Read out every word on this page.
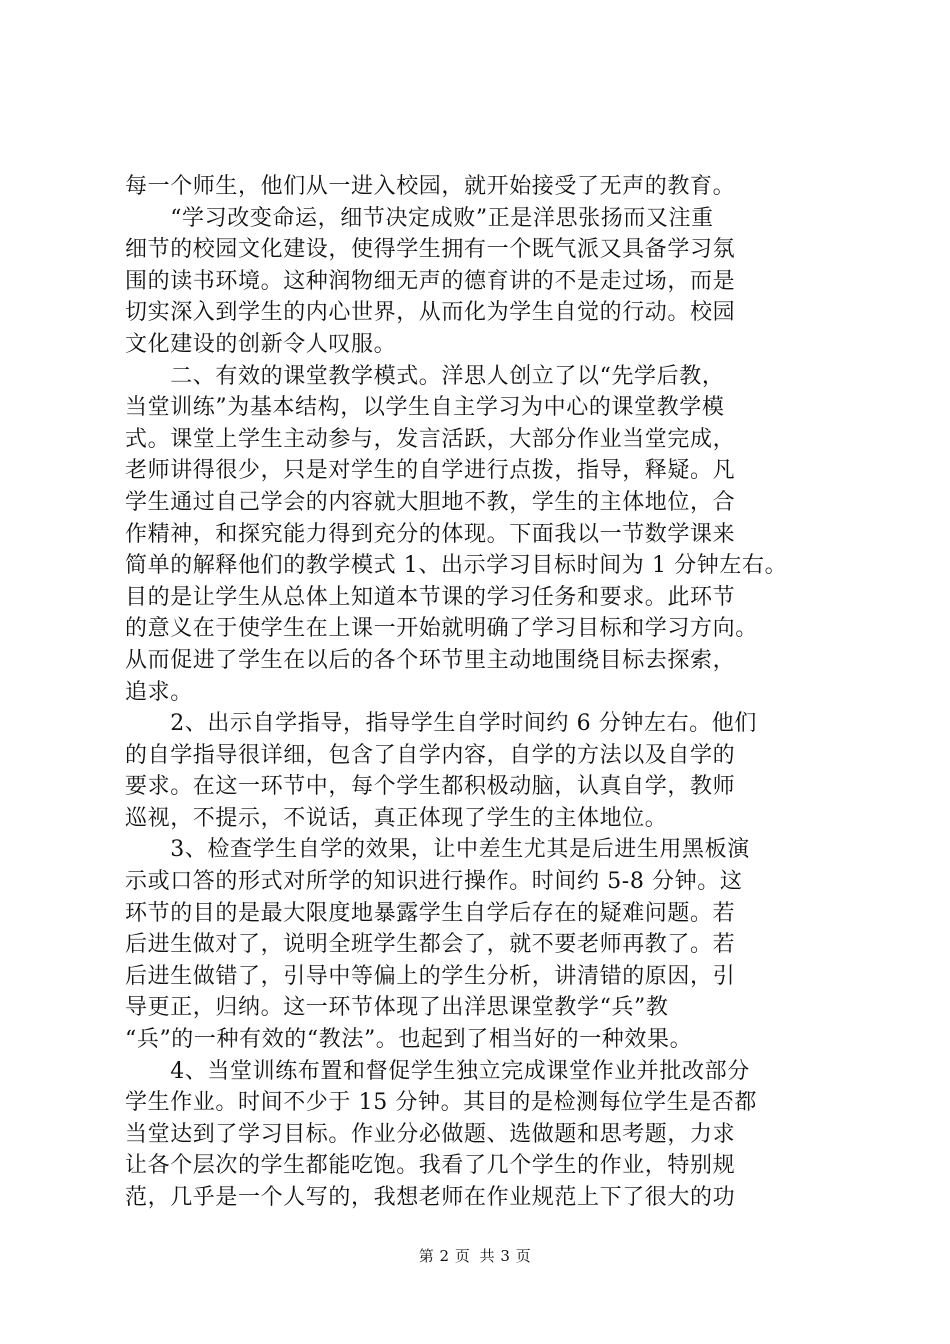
每一个师生，他们从一进入校园，就开始接受了无声的教育。
　　“学习改变命运，细节决定成败”正是洋思张扬而又注重
细节的校园文化建设，使得学生拥有一个既气派又具备学习氛
围的读书环境。这种润物细无声的德育讲的不是走过场，而是
切实深入到学生的内心世界，从而化为学生自觉的行动。校园
文化建设的创新令人叹服。
　　二、有效的课堂教学模式。洋思人创立了以“先学后教，
当堂训练”为基本结构，以学生自主学习为中心的课堂教学模
式。课堂上学生主动参与，发言活跃，大部分作业当堂完成，
老师讲得很少，只是对学生的自学进行点拨，指导，释疑。凡
学生通过自己学会的内容就大胆地不教，学生的主体地位，合
作精神，和探究能力得到充分的体现。下面我以一节数学课来
简单的解释他们的教学模式 1、出示学习目标时间为 1 分钟左右。
目的是让学生从总体上知道本节课的学习任务和要求。此环节
的意义在于使学生在上课一开始就明确了学习目标和学习方向。
从而促进了学生在以后的各个环节里主动地围绕目标去探索，
追求。
　　2、出示自学指导，指导学生自学时间约 6 分钟左右。他们
的自学指导很详细，包含了自学内容，自学的方法以及自学的
要求。在这一环节中，每个学生都积极动脑，认真自学，教师
巡视，不提示，不说话，真正体现了学生的主体地位。
　　3、检查学生自学的效果，让中差生尤其是后进生用黑板演
示或口答的形式对所学的知识进行操作。时间约 5-8 分钟。这
环节的目的是最大限度地暴露学生自学后存在的疑难问题。若
后进生做对了，说明全班学生都会了，就不要老师再教了。若
后进生做错了，引导中等偏上的学生分析，讲清错的原因，引
导更正，归纳。这一环节体现了出洋思课堂教学“兵”教
“兵”的一种有效的“教法”。也起到了相当好的一种效果。
　　4、当堂训练布置和督促学生独立完成课堂作业并批改部分
学生作业。时间不少于 15 分钟。其目的是检测每位学生是否都
当堂达到了学习目标。作业分必做题、选做题和思考题，力求
让各个层次的学生都能吃饱。我看了几个学生的作业，特别规
范，几乎是一个人写的，我想老师在作业规范上下了很大的功
第 2 页 共 3 页
